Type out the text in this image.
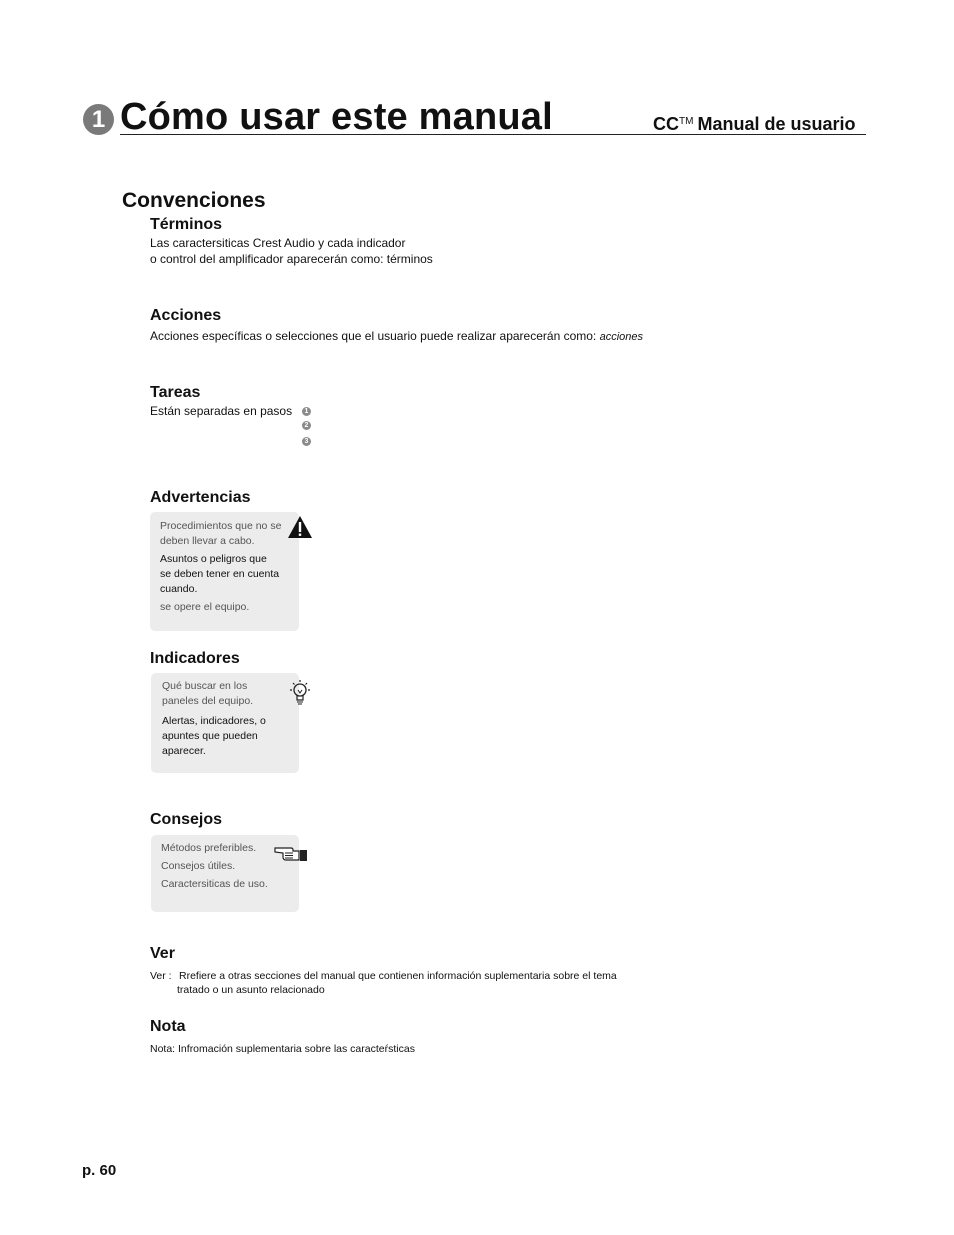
1 Cómo usar este manual	CC™ Manual de usuario
Convenciones
Términos
Las caractersiticas Crest Audio y cada indicador
o control del amplificador aparecerán como: términos
Acciones
Acciones específicas o selecciones que el usuario puede realizar aparecerán como: acciones
Tareas
Están separadas en pasos	1
2
3
Advertencias
Procedimientos que no se
deben llevar a cabo.
Asuntos o peligros que
se deben tener en cuenta
cuando.
se opere el equipo.
Indicadores
Qué buscar en los
paneles del equipo.
Alertas, indicadores, o
apuntes que pueden
aparecer.
Consejos
Métodos preferibles.
Consejos útiles.
Caractersiticas de uso.
Ver
Ver : Rrefiere a otras secciones del manual que contienen información suplementaria sobre el tema
tratado o un asunto relacionado
Nota
Nota: Infromación suplementaria sobre las caracteŕsticas
p. 60
